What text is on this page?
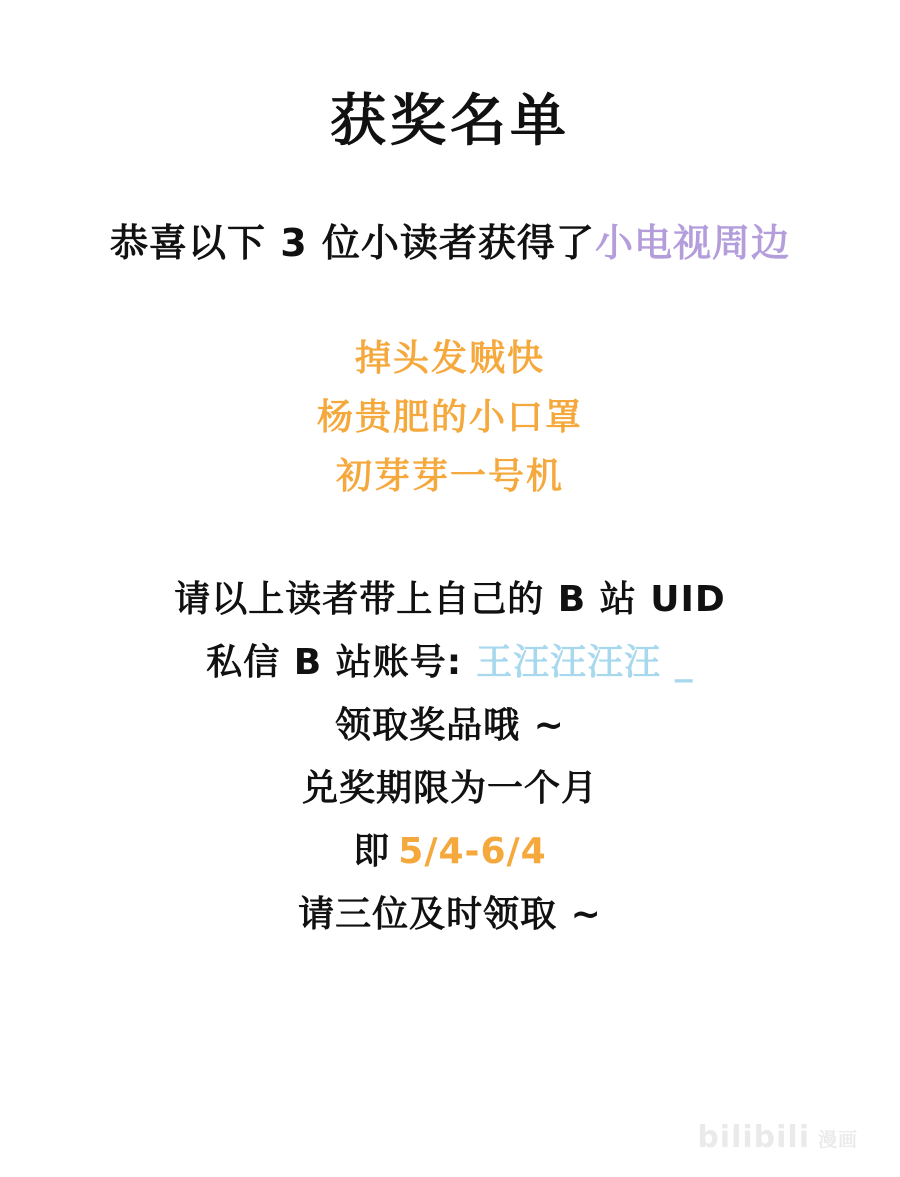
获奖名单
恭喜以下 3 位小读者获得了小电视周边
掉头发贼快
杨贵肥的小口罩
初芽芽一号机
请以上读者带上自己的 B 站 UID
私信 B 站账号: 王汪汪汪汪 _
领取奖品哦 ~
兑奖期限为一个月
即 5/4-6/4
请三位及时领取 ~
bilibili 漫画
